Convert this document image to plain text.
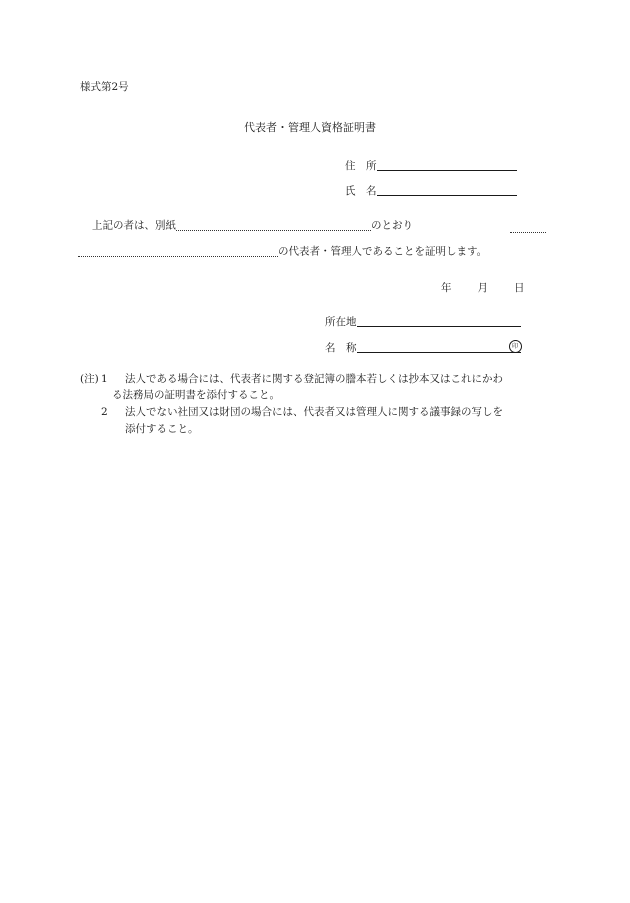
様式第2号
代表者・管理人資格証明書
住　所
氏　名
上記の者は、別紙	のとおり
の代表者・管理人であることを証明します。
年 月 日
所在地
名　称	印
(注) 1 法人である場合には、代表者に関する登記簿の謄本若しくは抄本又はこれにかわ
る法務局の証明書を添付すること。
2 法人でない社団又は財団の場合には、代表者又は管理人に関する議事録の写しを
添付すること。
